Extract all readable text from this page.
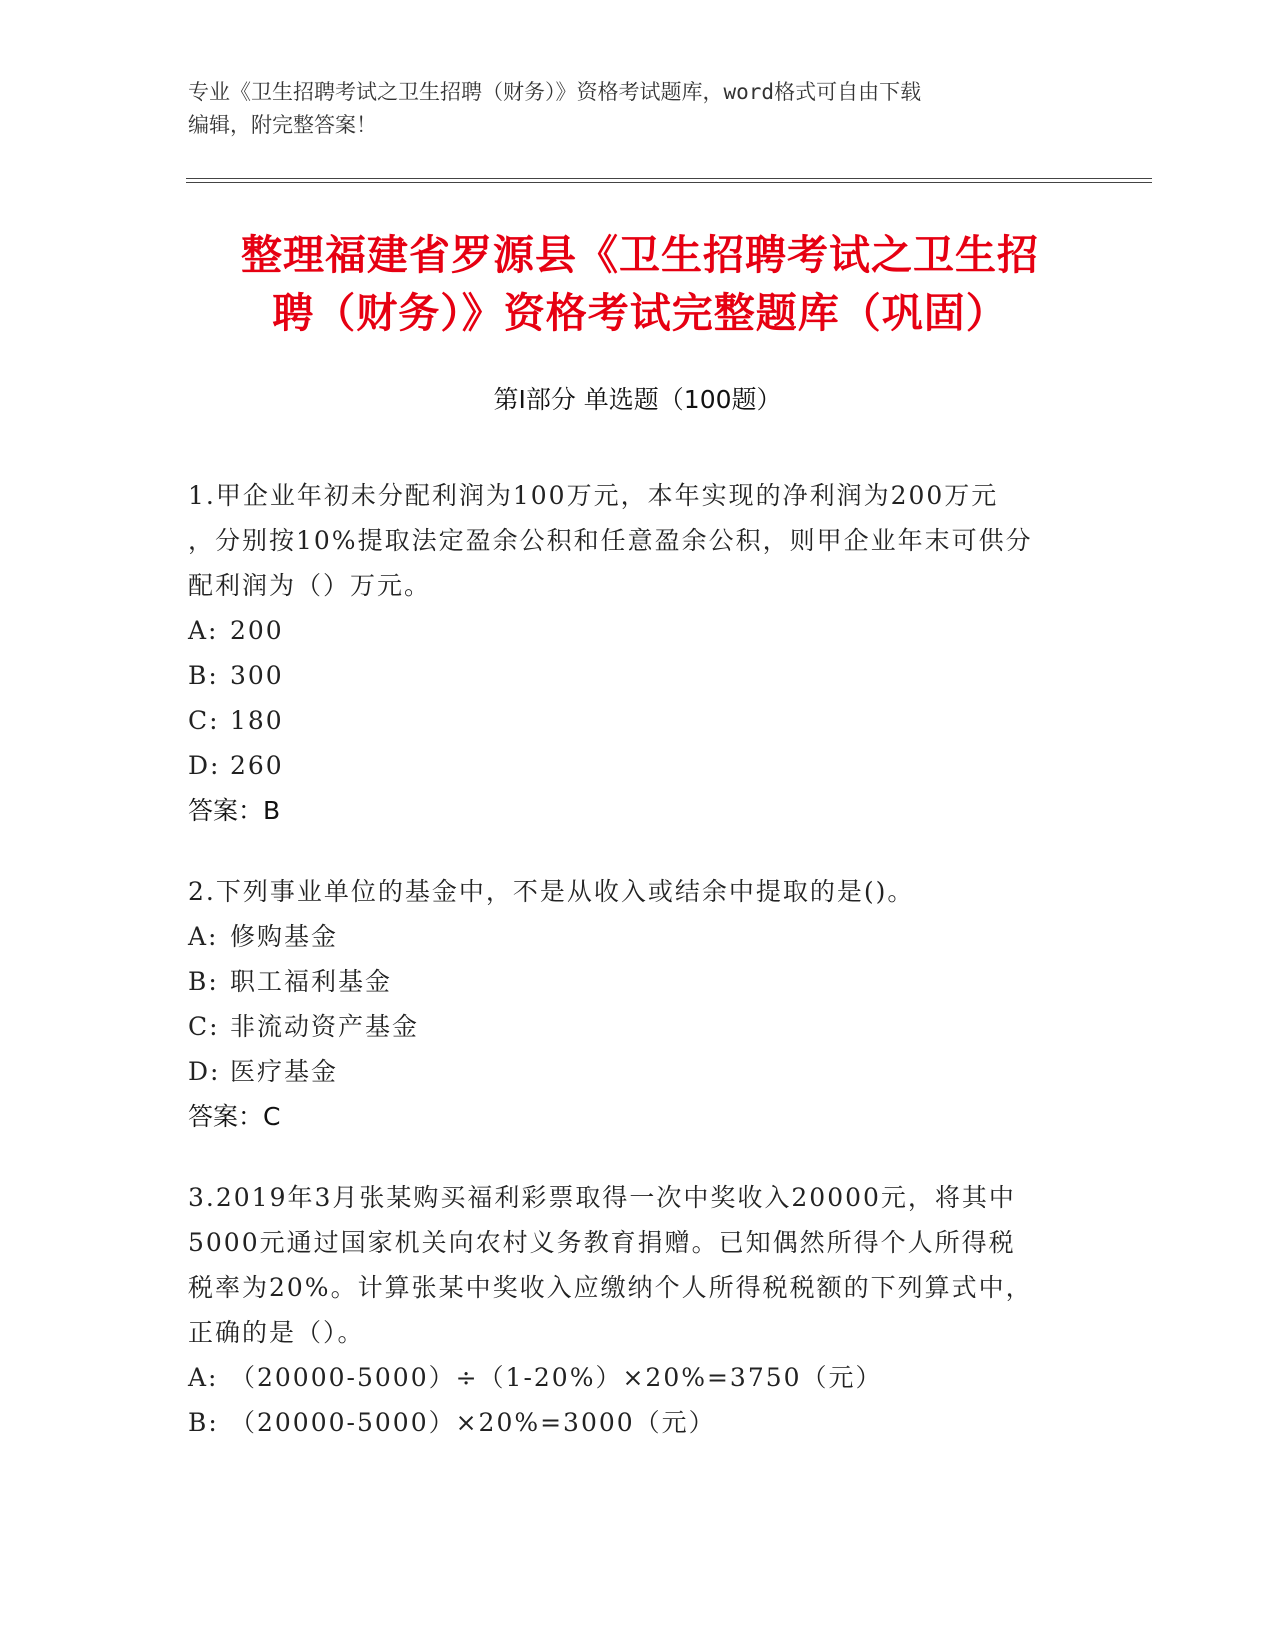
专业《卫生招聘考试之卫生招聘（财务）》资格考试题库，word格式可自由下载
编辑，附完整答案！
整理福建省罗源县《卫生招聘考试之卫生招
聘（财务）》资格考试完整题库（巩固）
第Ⅰ部分 单选题（100题）
1.甲企业年初未分配利润为100万元，本年实现的净利润为200万元
，分别按10%提取法定盈余公积和任意盈余公积，则甲企业年末可供分
配利润为（）万元。
A: 200
B: 300
C: 180
D: 260
答案：B
2.下列事业单位的基金中，不是从收入或结余中提取的是()。
A: 修购基金
B: 职工福利基金
C: 非流动资产基金
D: 医疗基金
答案：C
3.2019年3月张某购买福利彩票取得一次中奖收入20000元，将其中
5000元通过国家机关向农村义务教育捐赠。已知偶然所得个人所得税
税率为20%。计算张某中奖收入应缴纳个人所得税税额的下列算式中，
正确的是（）。
A: （20000-5000）÷（1-20%）×20%=3750（元）
B: （20000-5000）×20%=3000（元）
